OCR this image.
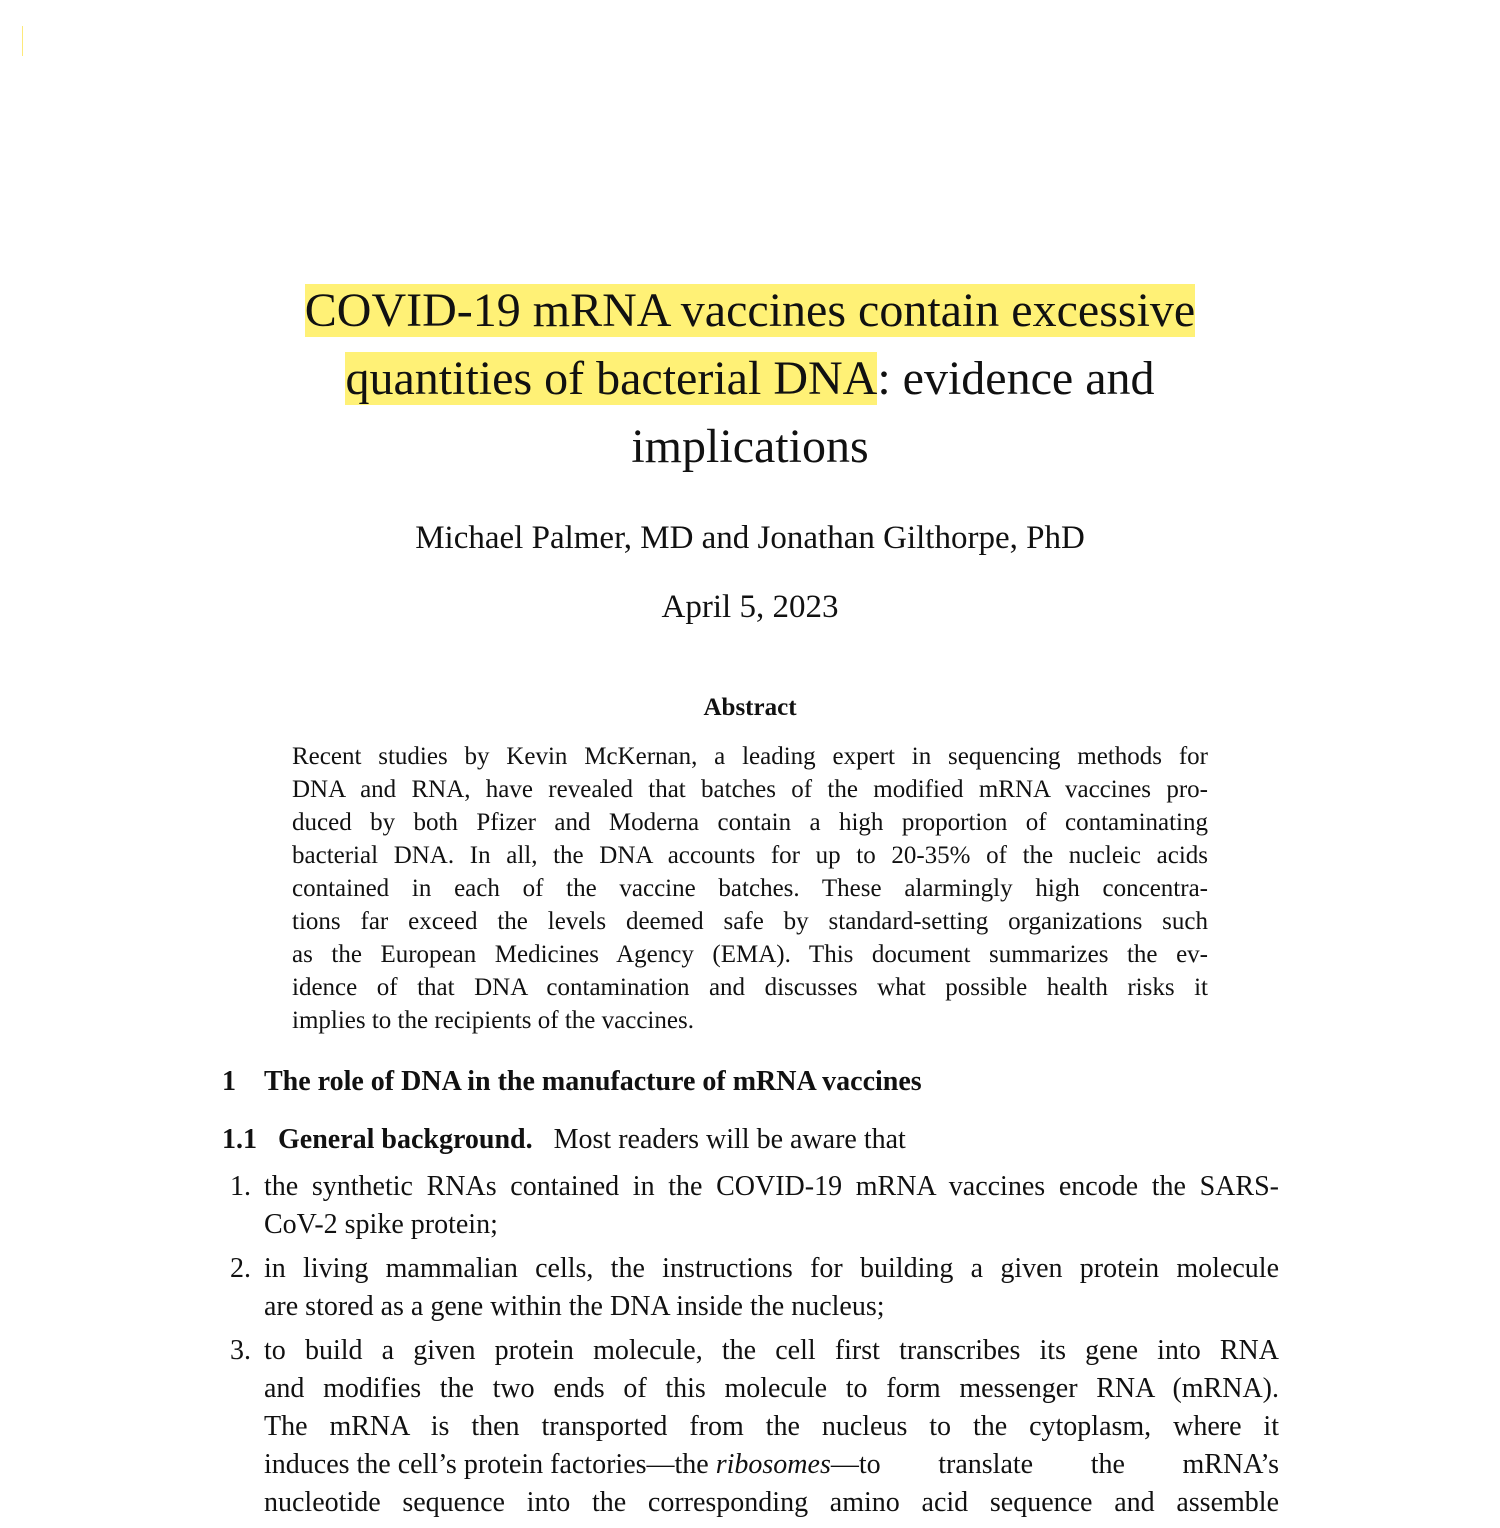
COVID-19 mRNA vaccines contain excessive
quantities of bacterial DNA: evidence and
implications
Michael Palmer, MD and Jonathan Gilthorpe, PhD
April 5, 2023
Abstract
Recent studies by Kevin McKernan, a leading expert in sequencing methods for
DNA and RNA, have revealed that batches of the modified mRNA vaccines pro-
duced by both Pfizer and Moderna contain a high proportion of contaminating
bacterial DNA. In all, the DNA accounts for up to 20-35% of the nucleic acids
contained in each of the vaccine batches. These alarmingly high concentra-
tions far exceed the levels deemed safe by standard-setting organizations such
as the European Medicines Agency (EMA). This document summarizes the ev-
idence of that DNA contamination and discusses what possible health risks it
implies to the recipients of the vaccines.
1 The role of DNA in the manufacture of mRNA vaccines
1.1 General background. Most readers will be aware that
1. the synthetic RNAs contained in the COVID-19 mRNA vaccines encode the SARS-
CoV-2 spike protein;
2. in living mammalian cells, the instructions for building a given protein molecule
are stored as a gene within the DNA inside the nucleus;
3. to build a given protein molecule, the cell first transcribes its gene into RNA
and modifies the two ends of this molecule to form messenger RNA (mRNA).
The mRNA is then transported from the nucleus to the cytoplasm, where it
induces the cell’s protein factories—the ribosomes —to translate the mRNA’s
nucleotide sequence into the corresponding amino acid sequence and assemble
